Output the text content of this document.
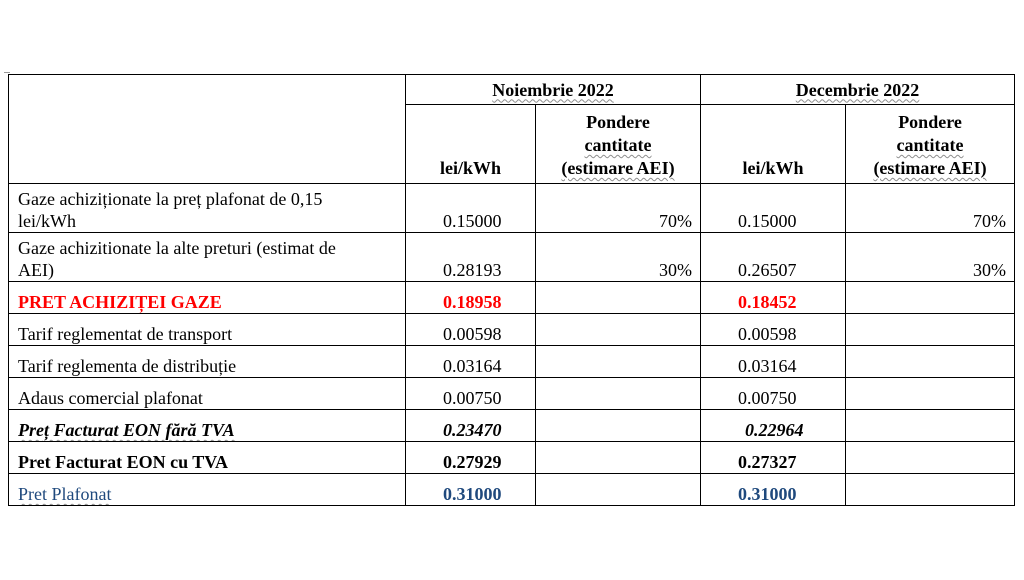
	Noiembrie 2022		Decembrie 2022	
	lei/kWh	Pondere
cantitate
(estimare AEI)	lei/kWh	Pondere
cantitate
(estimare AEI)
Gaze achiziționate la preț plafonat de 0,15
lei/kWh	0.15000	70%	0.15000	70%
Gaze achizitionate la alte preturi (estimat de
AEI)	0.28193	30%	0.26507	30%
PRET ACHIZIȚEI GAZE	0.18958		0.18452	
Tarif reglementat de transport	0.00598		0.00598	
Tarif reglementa de distribuție	0.03164		0.03164	
Adaus comercial plafonat	0.00750		0.00750	
Preț Facturat EON fără TVA	0.23470		0.22964	
Pret Facturat EON cu TVA	0.27929		0.27327	
Pret Plafonat	0.31000		0.31000	
